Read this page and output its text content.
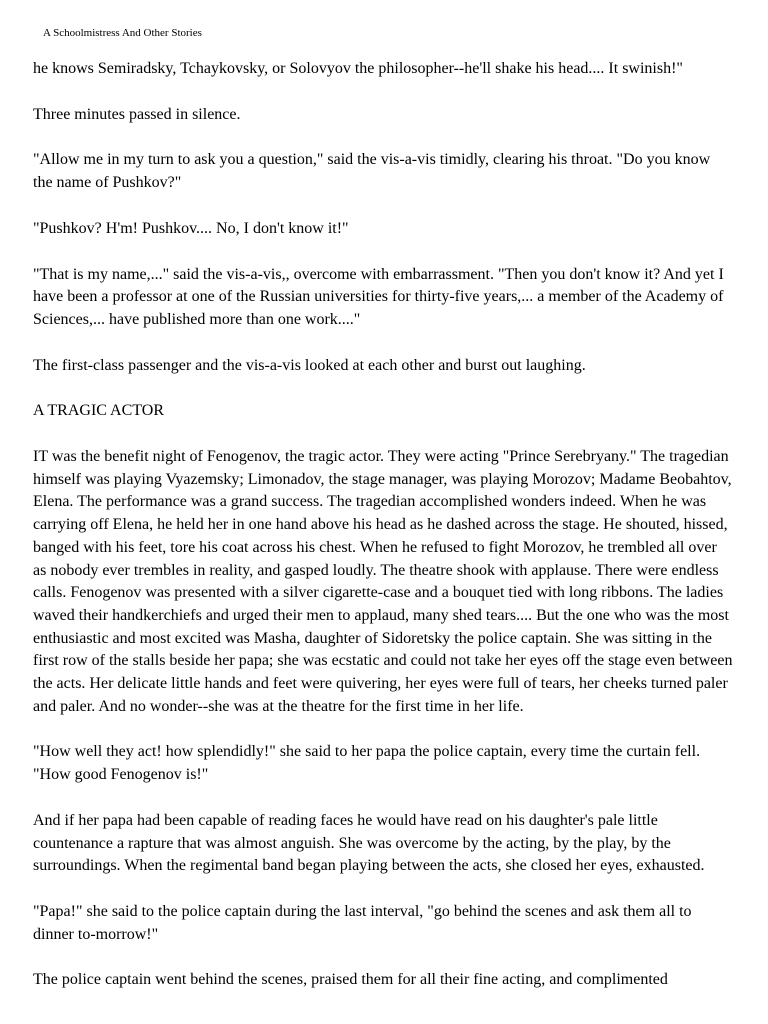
A Schoolmistress And Other Stories

he knows Semiradsky, Tchaykovsky, or Solovyov the philosopher--he'll shake his head.... It swinish!"

Three minutes passed in silence.

"Allow me in my turn to ask you a question," said the vis-a-vis timidly, clearing his throat. "Do you know the name of Pushkov?"

"Pushkov? H'm! Pushkov.... No, I don't know it!"

"That is my name,..." said the vis-a-vis,, overcome with embarrassment. "Then you don't know it? And yet I have been a professor at one of the Russian universities for thirty-five years,... a member of the Academy of Sciences,... have published more than one work...."

The first-class passenger and the vis-a-vis looked at each other and burst out laughing.

A TRAGIC ACTOR

IT was the benefit night of Fenogenov, the tragic actor. They were acting "Prince Serebryany." The tragedian himself was playing Vyazemsky; Limonadov, the stage manager, was playing Morozov; Madame Beobahtov, Elena. The performance was a grand success. The tragedian accomplished wonders indeed. When he was carrying off Elena, he held her in one hand above his head as he dashed across the stage. He shouted, hissed, banged with his feet, tore his coat across his chest. When he refused to fight Morozov, he trembled all over as nobody ever trembles in reality, and gasped loudly. The theatre shook with applause. There were endless calls. Fenogenov was presented with a silver cigarette-case and a bouquet tied with long ribbons. The ladies waved their handkerchiefs and urged their men to applaud, many shed tears.... But the one who was the most enthusiastic and most excited was Masha, daughter of Sidoretsky the police captain. She was sitting in the first row of the stalls beside her papa; she was ecstatic and could not take her eyes off the stage even between the acts. Her delicate little hands and feet were quivering, her eyes were full of tears, her cheeks turned paler and paler. And no wonder--she was at the theatre for the first time in her life.

"How well they act! how splendidly!" she said to her papa the police captain, every time the curtain fell. "How good Fenogenov is!"

And if her papa had been capable of reading faces he would have read on his daughter's pale little countenance a rapture that was almost anguish. She was overcome by the acting, by the play, by the surroundings. When the regimental band began playing between the acts, she closed her eyes, exhausted.

"Papa!" she said to the police captain during the last interval, "go behind the scenes and ask them all to dinner to-morrow!"

The police captain went behind the scenes, praised them for all their fine acting, and complimented
